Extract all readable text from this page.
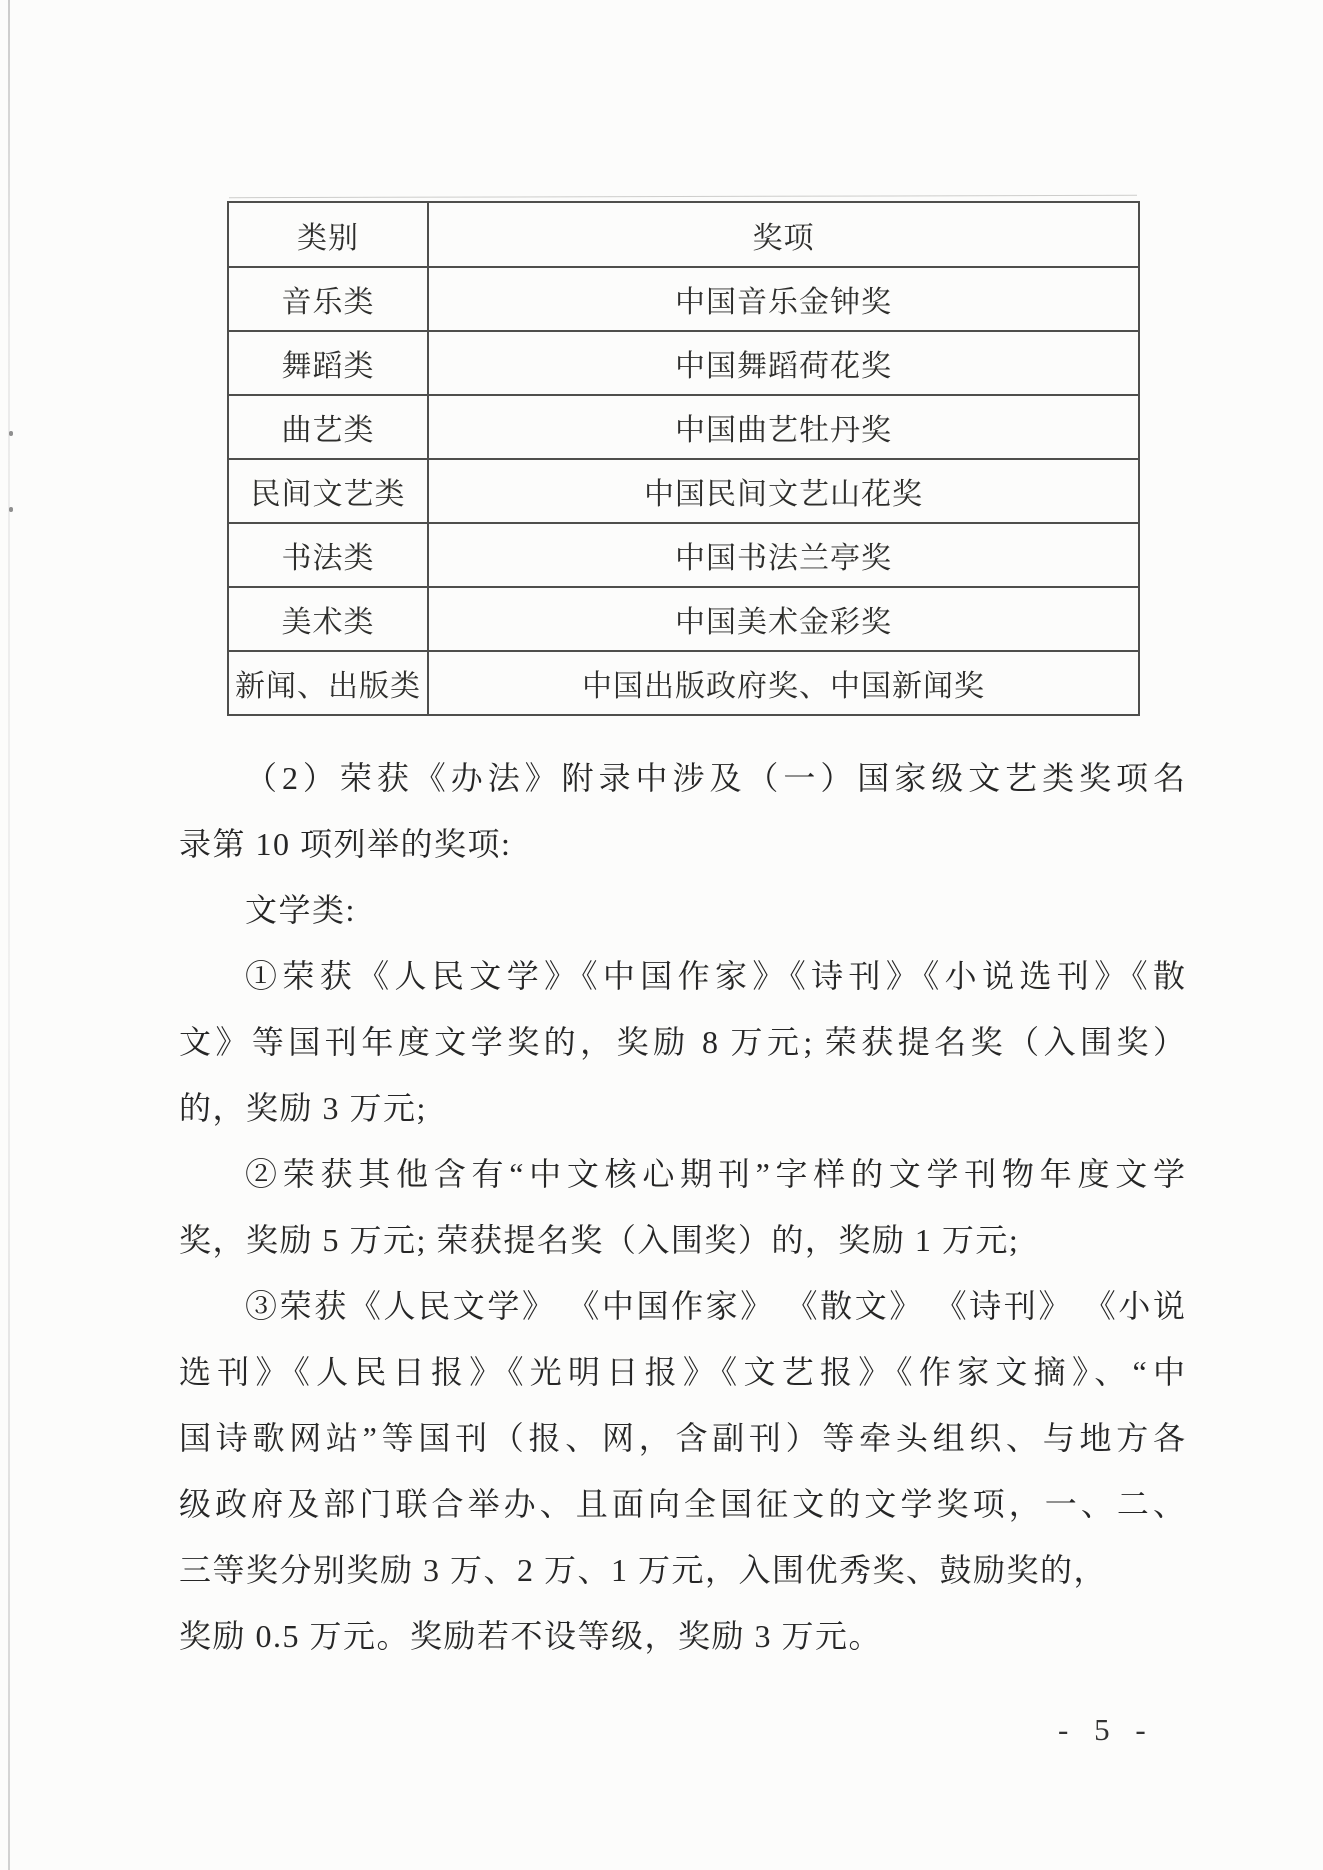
类别	奖项
音乐类	中国音乐金钟奖
舞蹈类	中国舞蹈荷花奖
曲艺类	中国曲艺牡丹奖
民间文艺类	中国民间文艺山花奖
书法类	中国书法兰亭奖
美术类	中国美术金彩奖
新闻、出版类	中国出版政府奖、中国新闻奖
（2）荣获《办法》附录中涉及（一）国家级文艺类奖项名
录第 10 项列举的奖项:
文学类:
①荣获《人民文学》《中国作家》《诗刊》《小说选刊》《散
文》等国刊年度文学奖的，奖励 8 万元; 荣获提名奖（入围奖）
的，奖励 3 万元;
②荣获其他含有“中文核心期刊”字样的文学刊物年度文学
奖，奖励 5 万元; 荣获提名奖（入围奖）的，奖励 1 万元;
③荣获《人民文学》 《中国作家》 《散文》 《诗刊》 《小说
选刊》《人民日报》《光明日报》《文艺报》《作家文摘》、“中
国诗歌网站”等国刊（报、网，含副刊）等牵头组织、与地方各
级政府及部门联合举办、且面向全国征文的文学奖项，一、二、
三等奖分别奖励 3 万、2 万、1 万元，入围优秀奖、鼓励奖的，
奖励 0.5 万元。奖励若不设等级，奖励 3 万元。
- 5 -
